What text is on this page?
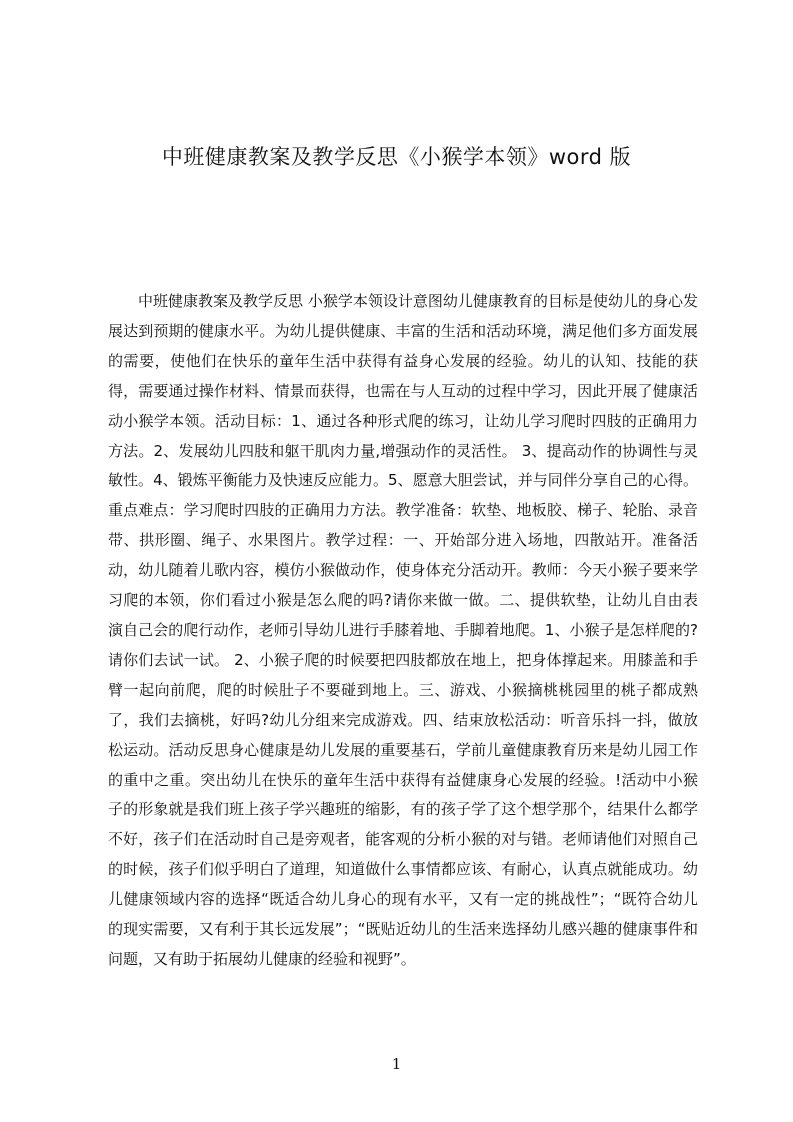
中班健康教案及教学反思《小猴学本领》word 版
中班健康教案及教学反思 小猴学本领设计意图幼儿健康教育的目标是使幼儿的身心发展达到预期的健康水平。为幼儿提供健康、丰富的生活和活动环境，满足他们多方面发展的需要，使他们在快乐的童年生活中获得有益身心发展的经验。幼儿的认知、技能的获得，需要通过操作材料、情景而获得，也需在与人互动的过程中学习，因此开展了健康活动小猴学本领。活动目标：1、通过各种形式爬的练习，让幼儿学习爬时四肢的正确用力方法。2、发展幼儿四肢和躯干肌肉力量,增强动作的灵活性。 3、提高动作的协调性与灵敏性。4、锻炼平衡能力及快速反应能力。5、愿意大胆尝试，并与同伴分享自己的心得。重点难点：学习爬时四肢的正确用力方法。教学准备：软垫、地板胶、梯子、轮胎、录音带、拱形圈、绳子、水果图片。教学过程：一、开始部分进入场地，四散站开。准备活动，幼儿随着儿歌内容，模仿小猴做动作，使身体充分活动开。教师：今天小猴子要来学习爬的本领，你们看过小猴是怎么爬的吗?请你来做一做。二、提供软垫，让幼儿自由表演自己会的爬行动作，老师引导幼儿进行手膝着地、手脚着地爬。1、小猴子是怎样爬的?请你们去试一试。 2、小猴子爬的时候要把四肢都放在地上，把身体撑起来。用膝盖和手臂一起向前爬，爬的时候肚子不要碰到地上。三、游戏、小猴摘桃桃园里的桃子都成熟了，我们去摘桃，好吗?幼儿分组来完成游戏。四、结束放松活动：听音乐抖一抖，做放松运动。活动反思身心健康是幼儿发展的重要基石，学前儿童健康教育历来是幼儿园工作的重中之重。突出幼儿在快乐的童年生活中获得有益健康身心发展的经验。!活动中小猴子的形象就是我们班上孩子学兴趣班的缩影，有的孩子学了这个想学那个，结果什么都学不好，孩子们在活动时自己是旁观者，能客观的分析小猴的对与错。老师请他们对照自己的时候，孩子们似乎明白了道理，知道做什么事情都应该、有耐心，认真点就能成功。幼儿健康领域内容的选择“既适合幼儿身心的现有水平，又有一定的挑战性”；“既符合幼儿的现实需要，又有利于其长远发展”；“既贴近幼儿的生活来选择幼儿感兴趣的健康事件和问题，又有助于拓展幼儿健康的经验和视野”。
1
